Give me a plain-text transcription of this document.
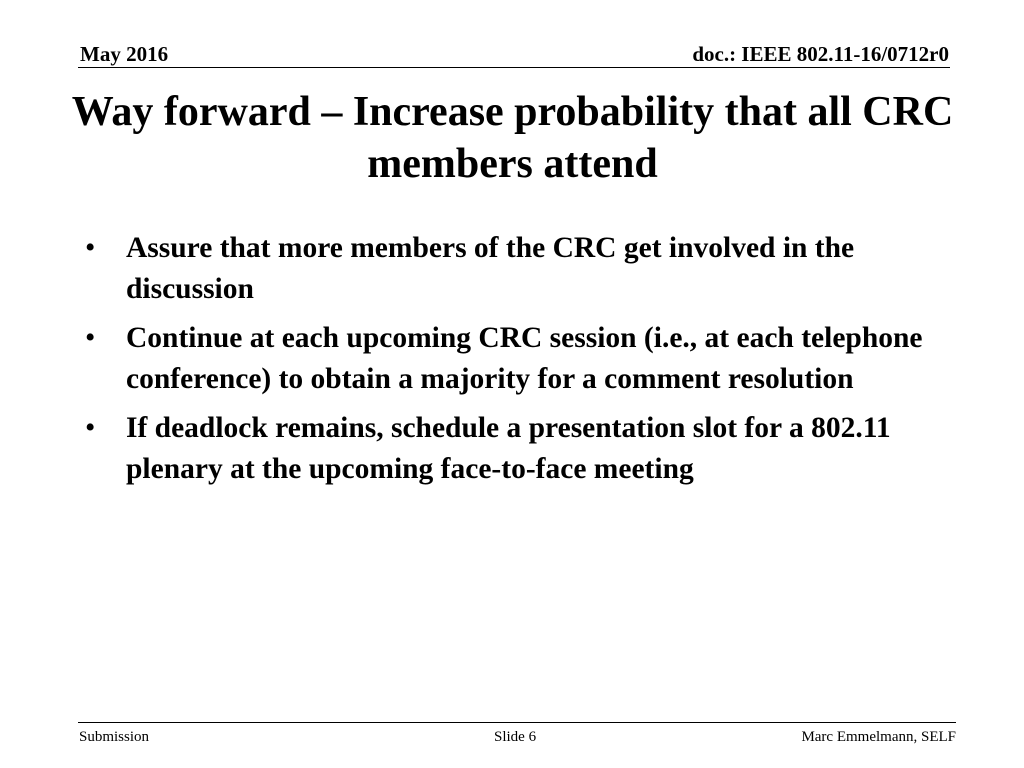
May 2016	doc.: IEEE 802.11-16/0712r0
Way forward – Increase probability that all CRC members attend
• Assure that more members of the CRC get involved in the discussion
• Continue at each upcoming CRC session (i.e., at each telephone conference) to obtain a majority for a comment resolution
• If deadlock remains, schedule a presentation slot for a 802.11 plenary at the upcoming face-to-face meeting
Submission	Slide 6	Marc Emmelmann, SELF
